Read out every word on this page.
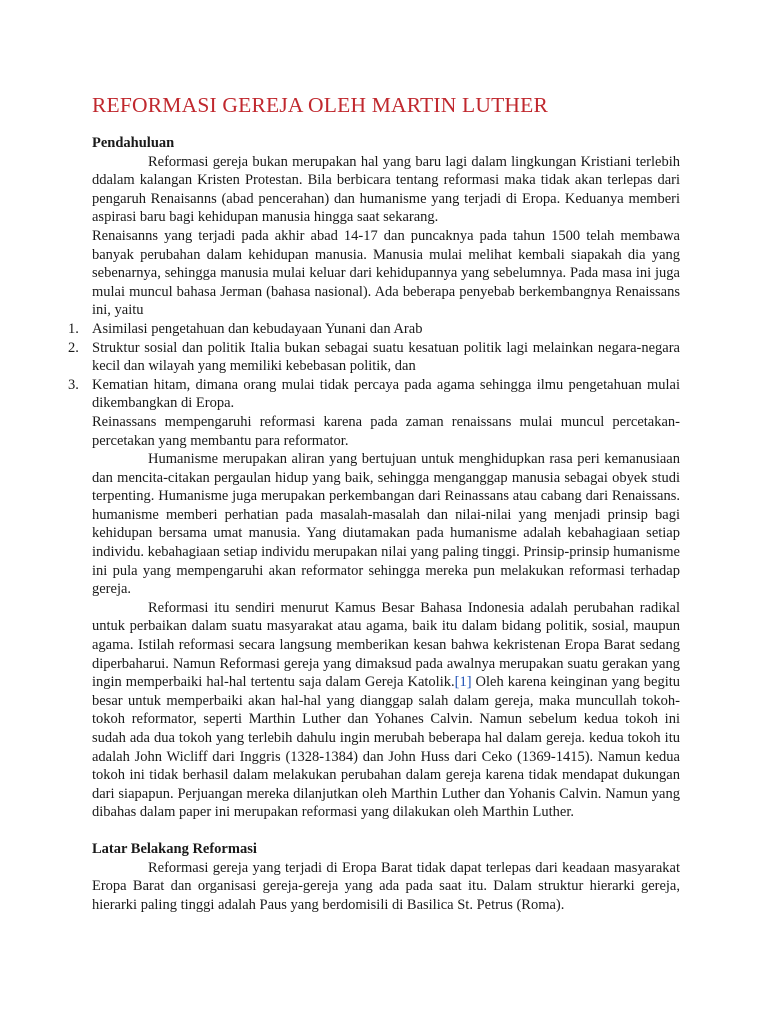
REFORMASI GEREJA OLEH MARTIN LUTHER
Pendahuluan

Reformasi gereja bukan merupakan hal yang baru lagi dalam lingkungan Kristiani terlebih ddalam kalangan Kristen Protestan. Bila berbicara tentang reformasi maka tidak akan terlepas dari pengaruh Renaisanns (abad pencerahan) dan humanisme yang terjadi di Eropa. Keduanya memberi aspirasi baru bagi kehidupan manusia hingga saat sekarang.

Renaisanns yang terjadi pada akhir abad 14-17 dan puncaknya pada tahun 1500 telah membawa banyak perubahan dalam kehidupan manusia. Manusia mulai melihat kembali siapakah dia yang sebenarnya, sehingga manusia mulai keluar dari kehidupannya yang sebelumnya. Pada masa ini juga mulai muncul bahasa Jerman (bahasa nasional). Ada beberapa penyebab berkembangnya Renaissans ini, yaitu

1. Asimilasi pengetahuan dan kebudayaan Yunani dan Arab
2. Struktur sosial dan politik Italia bukan sebagai suatu kesatuan politik lagi melainkan negara-negara kecil dan wilayah yang memiliki kebebasan politik, dan
3. Kematian hitam, dimana orang mulai tidak percaya pada agama sehingga ilmu pengetahuan mulai dikembangkan di Eropa.

Reinassans mempengaruhi reformasi karena pada zaman renaissans mulai muncul percetakan-percetakan yang membantu para reformator.

Humanisme merupakan aliran yang bertujuan untuk menghidupkan rasa peri kemanusiaan dan mencita-citakan pergaulan hidup yang baik, sehingga menganggap manusia sebagai obyek studi terpenting. Humanisme juga merupakan perkembangan dari Reinassans atau cabang dari Renaissans. humanisme memberi perhatian pada masalah-masalah dan nilai-nilai yang menjadi prinsip bagi kehidupan bersama umat manusia. Yang diutamakan pada humanisme adalah kebahagiaan setiap individu. kebahagiaan setiap individu merupakan nilai yang paling tinggi. Prinsip-prinsip humanisme ini pula yang mempengaruhi akan reformator sehingga mereka pun melakukan reformasi terhadap gereja.

Reformasi itu sendiri menurut Kamus Besar Bahasa Indonesia adalah perubahan radikal untuk perbaikan dalam suatu masyarakat atau agama, baik itu dalam bidang politik, sosial, maupun agama. Istilah reformasi secara langsung memberikan kesan bahwa kekristenan Eropa Barat sedang diperbaharui. Namun Reformasi gereja yang dimaksud pada awalnya merupakan suatu gerakan yang ingin memperbaiki hal-hal tertentu saja dalam Gereja Katolik.[1] Oleh karena keinginan yang begitu besar untuk memperbaiki akan hal-hal yang dianggap salah dalam gereja, maka muncullah tokoh-tokoh reformator, seperti Marthin Luther dan Yohanes Calvin. Namun sebelum kedua tokoh ini sudah ada dua tokoh yang terlebih dahulu ingin merubah beberapa hal dalam gereja. kedua tokoh itu adalah John Wicliff dari Inggris (1328-1384) dan John Huss dari Ceko (1369-1415). Namun kedua tokoh ini tidak berhasil dalam melakukan perubahan dalam gereja karena tidak mendapat dukungan dari siapapun. Perjuangan mereka dilanjutkan oleh Marthin Luther dan Yohanis Calvin. Namun yang dibahas dalam paper ini merupakan reformasi yang dilakukan oleh Marthin Luther.

Latar Belakang Reformasi

Reformasi gereja yang terjadi di Eropa Barat tidak dapat terlepas dari keadaan masyarakat Eropa Barat dan organisasi gereja-gereja yang ada pada saat itu. Dalam struktur hierarki gereja, hierarki paling tinggi adalah Paus yang berdomisili di Basilica St. Petrus (Roma).
